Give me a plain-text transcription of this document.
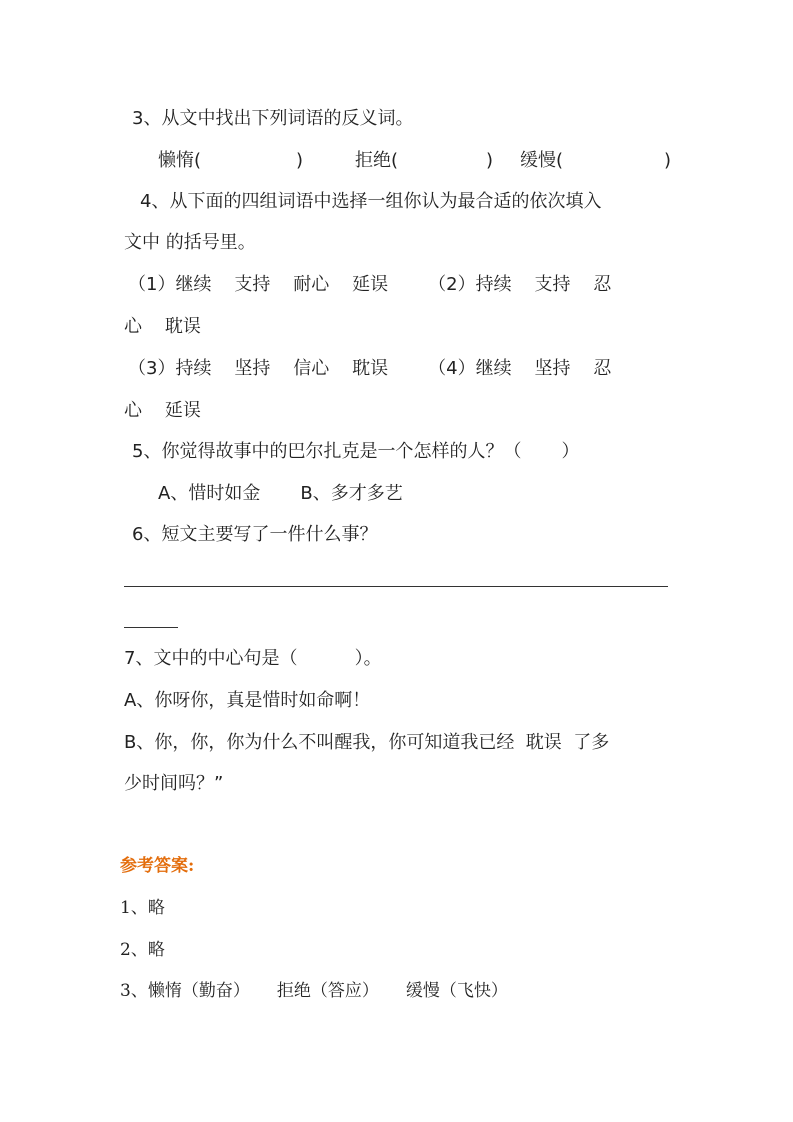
3、从文中找出下列词语的反义词。
懒惰(	)	拒绝(	) 缓慢(	)
4、从下面的四组词语中选择一组你认为最合适的依次填入
文中 的括号里。
（1）继续    支持    耐心    延误       （2）持续    支持    忍
心    耽误
（3）持续    坚持    信心    耽误       （4）继续    坚持    忍
心    延误
5、你觉得故事中的巴尔扎克是一个怎样的人？（       ）
A、惜时如金       B、多才多艺
6、短文主要写了一件什么事？
7、文中的中心句是（          ）。
A、你呀你，真是惜时如命啊！
B、你，你，你为什么不叫醒我，你可知道我已经  耽误  了多
少时间吗？”
参考答案:
1、略
2、略
3、懒惰（勤奋）     拒绝（答应）     缓慢（飞快）
